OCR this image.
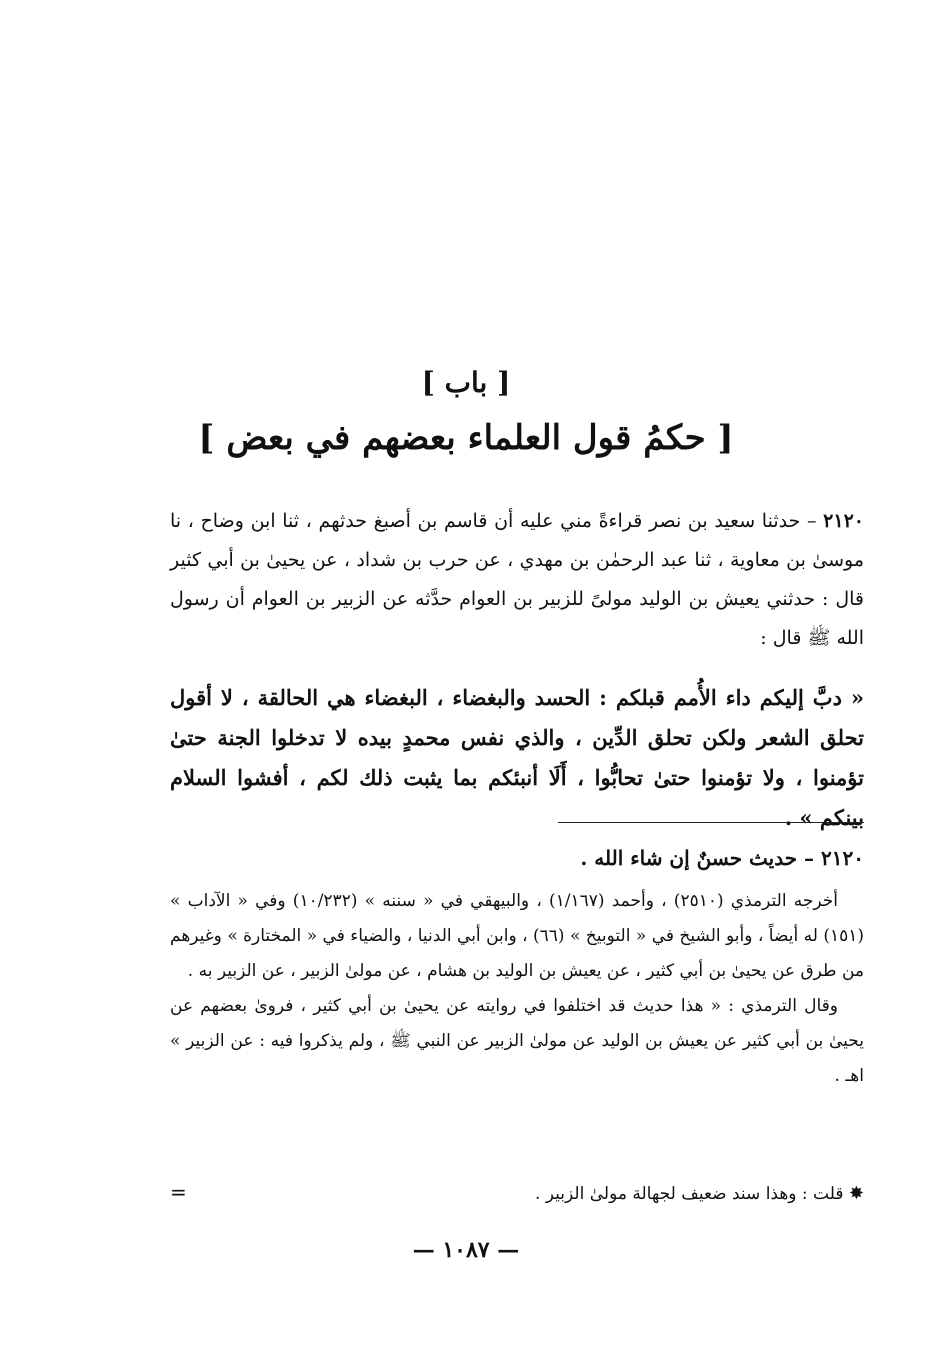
[ باب ]
[ حكمُ قول العلماء بعضهم في بعض ]
٢١٢٠ – حدثنا سعيد بن نصر قراءةً مني عليه أن قاسم بن أصبغ حدثهم ، ثنا ابن وضاح ، نا موسىٰ بن معاوية ، ثنا عبد الرحمٰن بن مهدي ، عن حرب بن شداد ، عن يحيىٰ بن أبي كثير قال : حدثني يعيش بن الوليد مولىً للزبير بن العوام حدَّثه عن الزبير بن العوام أن رسول الله ﷺ قال :
« دبَّ إليكم داء الأُمم قبلكم : الحسد والبغضاء ، البغضاء هي الحالقة ، لا أقول تحلق الشعر ولكن تحلق الدِّين ، والذي نفس محمدٍ بيده لا تدخلوا الجنة حتىٰ تؤمنوا ، ولا تؤمنوا حتىٰ تحابُّوا ، أَلَا أنبئكم بما يثبت ذلك لكم ، أفشوا السلام بينكم » .
٢١٢٠ – حديث حسنٌ إن شاء الله .

أخرجه الترمذي (٢٥١٠) ، وأحمد (١/١٦٧) ، والبيهقي في « سننه » (١٠/٢٣٢) وفي « الآداب » (١٥١) له أيضاً ، وأبو الشيخ في « التوبيخ » (٦٦) ، وابن أبي الدنيا ، والضياء في « المختارة » وغيرهم من طرق عن يحيىٰ بن أبي كثير ، عن يعيش بن الوليد بن هشام ، عن مولىٰ الزبير ، عن الزبير به .

وقال الترمذي : « هذا حديث قد اختلفوا في روايته عن يحيىٰ بن أبي كثير ، فروىٰ بعضهم عن يحيىٰ بن أبي كثير عن يعيش بن الوليد عن مولىٰ الزبير عن النبي ﷺ ، ولم يذكروا فيه : عن الزبير » اهـ .

✸ قلت : وهذا سند ضعيف لجهالة مولىٰ الزبير .
=
— ١٠٨٧ —
